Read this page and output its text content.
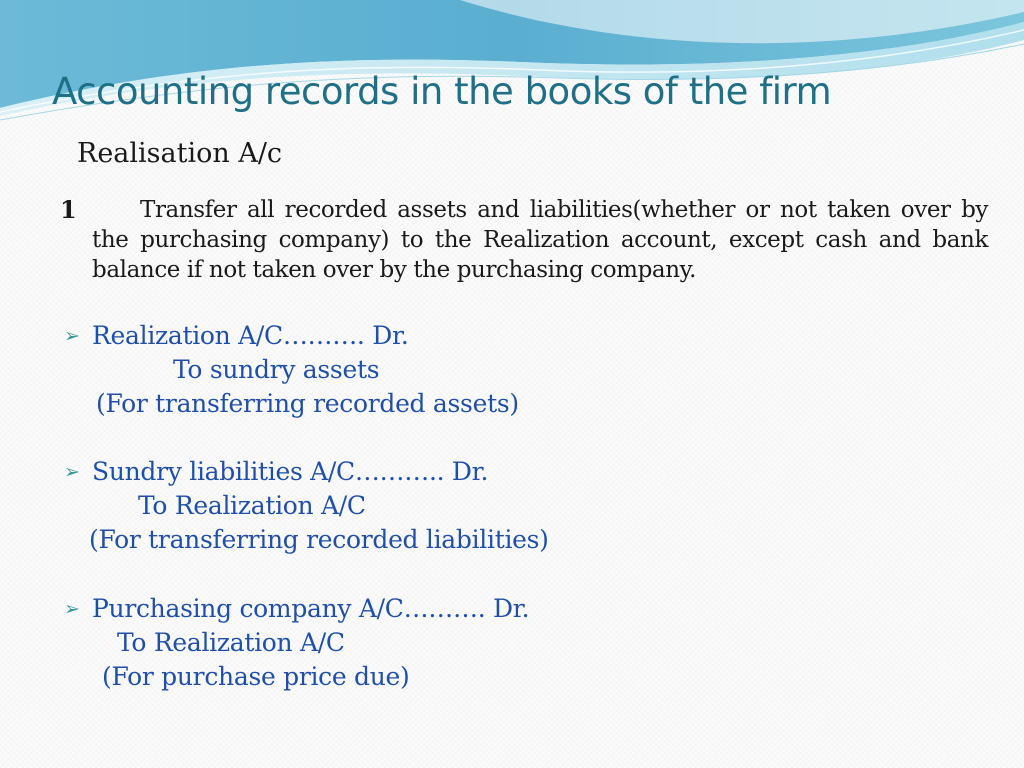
Accounting records in the books of the firm
Realisation A/c
1	Transfer all recorded assets and liabilities(whether or not taken over by the purchasing company) to the Realization account, except cash and bank balance if not taken over by the purchasing company.
➢ Realization A/C………. Dr.
To sundry assets
(For transferring recorded assets)
➢ Sundry liabilities A/C……….. Dr.
To Realization A/C
(For transferring recorded liabilities)
➢ Purchasing company A/C………. Dr.
To Realization A/C
(For purchase price due)
